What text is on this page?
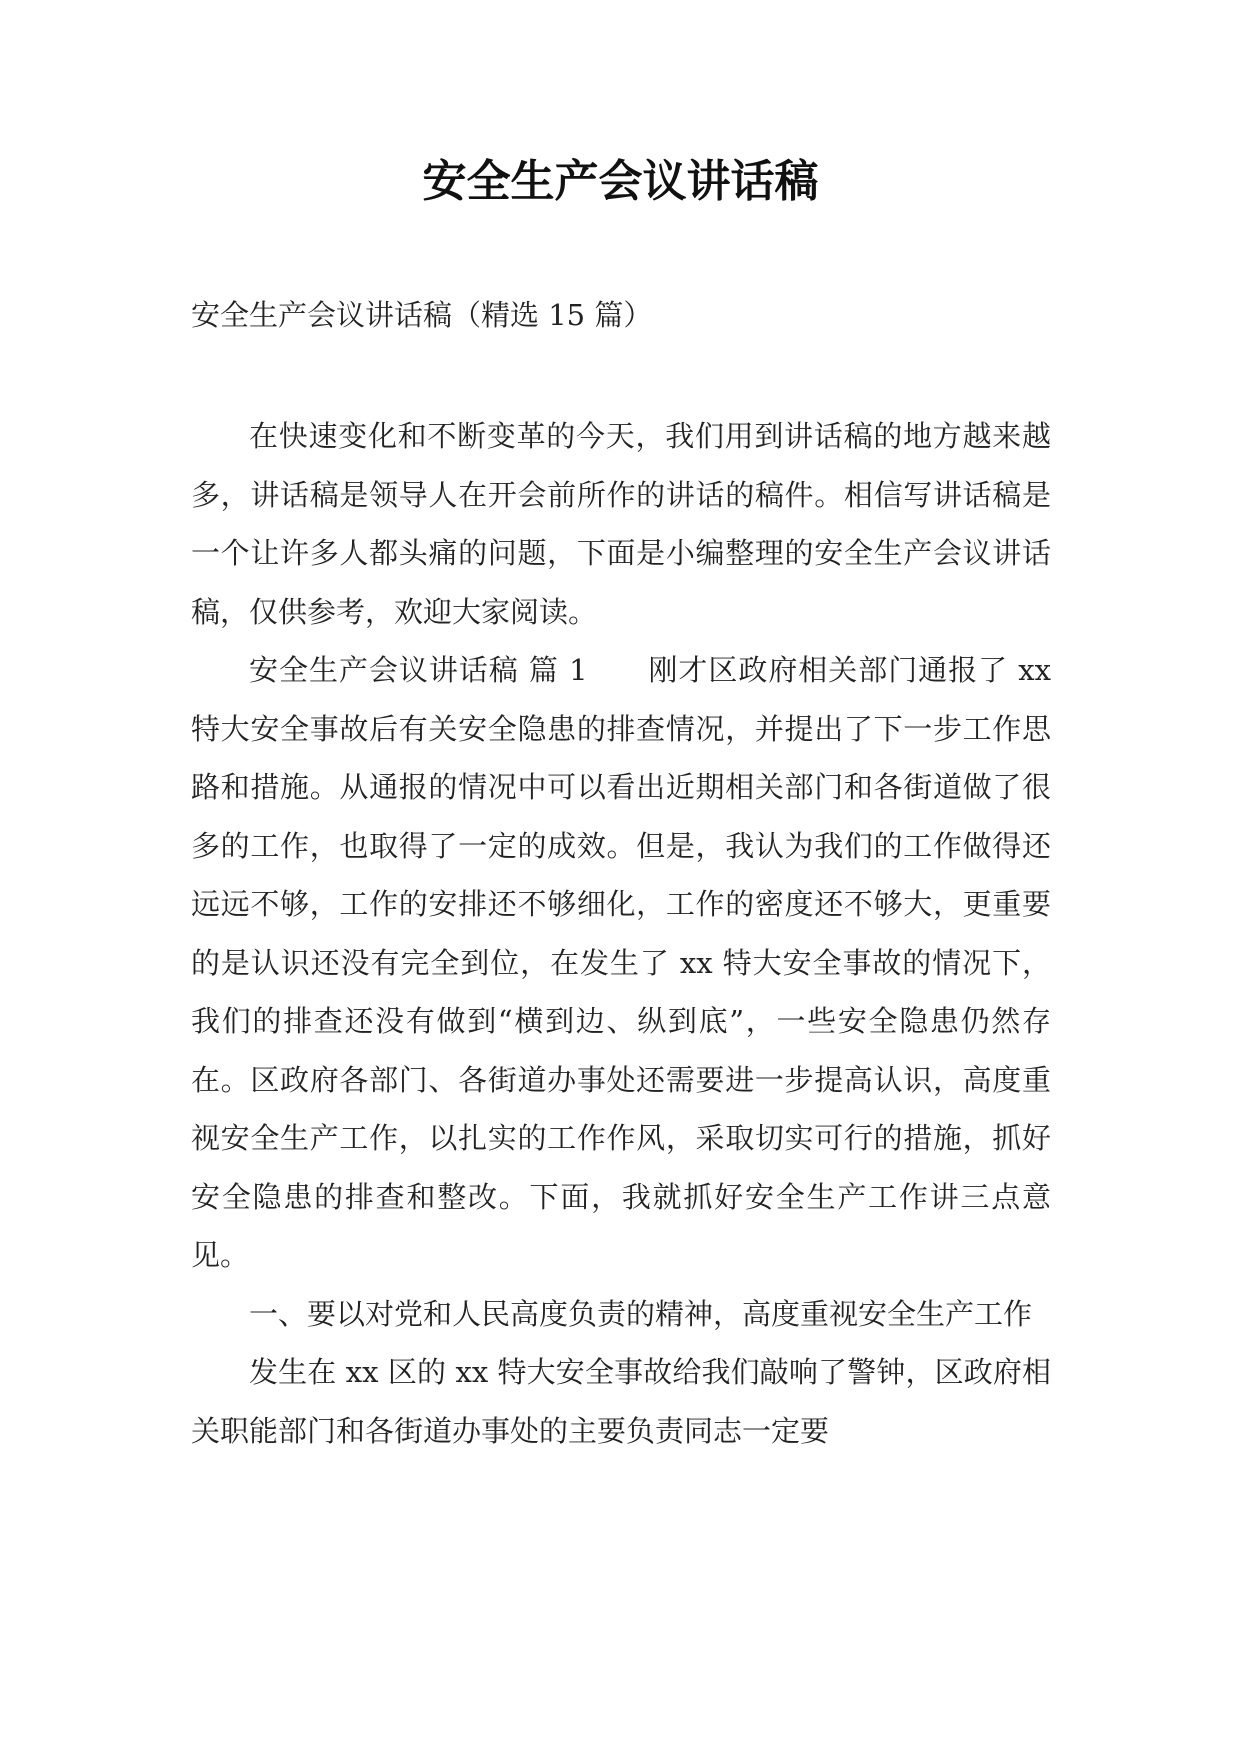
安全生产会议讲话稿
安全生产会议讲话稿（精选 15 篇）

在快速变化和不断变革的今天，我们用到讲话稿的地方越来越多，讲话稿是领导人在开会前所作的讲话的稿件。相信写讲话稿是一个让许多人都头痛的问题，下面是小编整理的安全生产会议讲话稿，仅供参考，欢迎大家阅读。

安全生产会议讲话稿 篇 1　　刚才区政府相关部门通报了 xx 特大安全事故后有关安全隐患的排查情况，并提出了下一步工作思路和措施。从通报的情况中可以看出近期相关部门和各街道做了很多的工作，也取得了一定的成效。但是，我认为我们的工作做得还远远不够，工作的安排还不够细化，工作的密度还不够大，更重要的是认识还没有完全到位，在发生了 xx 特大安全事故的情况下，我们的排查还没有做到“横到边、纵到底”，一些安全隐患仍然存在。区政府各部门、各街道办事处还需要进一步提高认识，高度重视安全生产工作，以扎实的工作作风，采取切实可行的措施，抓好安全隐患的排查和整改。下面，我就抓好安全生产工作讲三点意见。

一、要以对党和人民高度负责的精神，高度重视安全生产工作

发生在 xx 区的 xx 特大安全事故给我们敲响了警钟，区政府相关职能部门和各街道办事处的主要负责同志一定要
